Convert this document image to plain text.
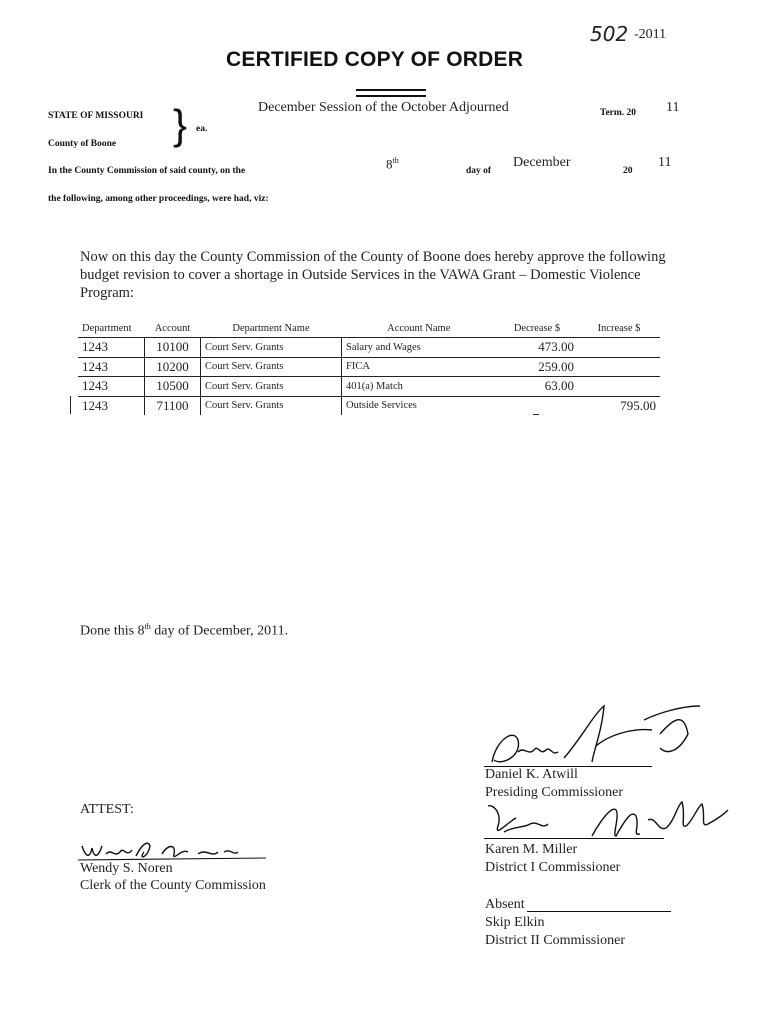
502 -2011
CERTIFIED COPY OF ORDER
STATE OF MISSOURI
County of Boone } ea.
December Session of the October Adjourned	Term. 20 11
In the County Commission of said county, on the	8th
day of
December
20
11
the following, among other proceedings, were had, viz:
Now on this day the County Commission of the County of Boone does hereby approve the following budget revision to cover a shortage in Outside Services in the VAWA Grant – Domestic Violence Program:
Department	Account	Department Name	Account Name	Decrease $	Increase $
1243	10100	Court Serv. Grants	Salary and Wages	473.00	
1243	10200	Court Serv. Grants	FICA	259.00	
1243	10500	Court Serv. Grants	401(a) Match	63.00	
1243	71100	Court Serv. Grants	Outside Services		795.00
Done this 8th day of December, 2011.
Daniel K. Atwill
Presiding Commissioner
Karen M. Miller
District I Commissioner
Absent
Skip Elkin
District II Commissioner
ATTEST:
Wendy S. Noren
Clerk of the County Commission
